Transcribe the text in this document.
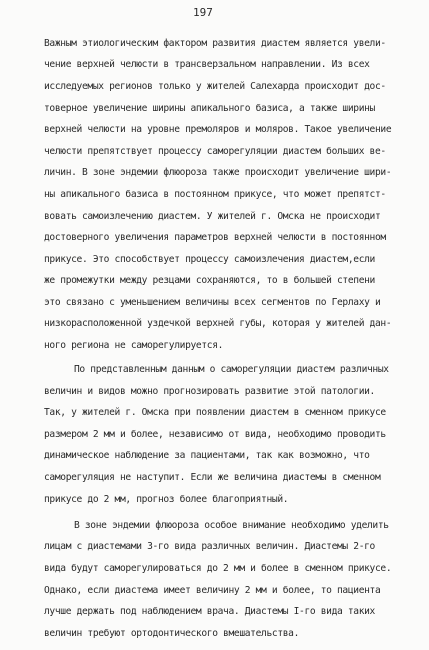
197
Важным этиологическим фактором развития диастем является увели-
чение верхней челюсти в трансверзальном направлении. Из всех
исследуемых регионов только у жителей Салехарда происходит дос-
товерное увеличение ширины апикального базиса, а также ширины
верхней челюсти на уровне премоляров и моляров. Такое увеличение
челюсти препятствует процессу саморегуляции диастем больших ве-
личин. В зоне эндемии флюороза также происходит увеличение шири-
ны апикального базиса в постоянном прикусе, что может препятст-
вовать самоизлечению диастем. У жителей г. Омска не происходит
достоверного увеличения параметров верхней челюсти в постоянном
прикусе. Это способствует процессу самоизлечения диастем,если
же промежутки между резцами сохраняются, то в большей степени
это связано с уменьшением величины всех сегментов по Герлаху и
низкорасположенной уздечкой верхней губы, которая у жителей дан-
ного региона не саморегулируется.
По представленным данным о саморегуляции диастем различных
величин и видов можно прогнозировать развитие этой патологии.
Так, у жителей г. Омска при появлении диастем в сменном прикусе
размером 2 мм и более, независимо от вида, необходимо проводить
динамическое наблюдение за пациентами, так как возможно, что
саморегуляция не наступит. Если же величина диастемы в сменном
прикусе до 2 мм, прогноз более благоприятный.
В зоне эндемии флюороза особое внимание необходимо уделить
лицам с диастемами 3-го вида различных величин. Диастемы 2-го
вида будут саморегулироваться до 2 мм и более в сменном прикусе.
Однако, если диастема имеет величину 2 мм и более, то пациента
лучше держать под наблюдением врача. Диастемы I-го вида таких
величин требуют ортодонтического вмешательства.
